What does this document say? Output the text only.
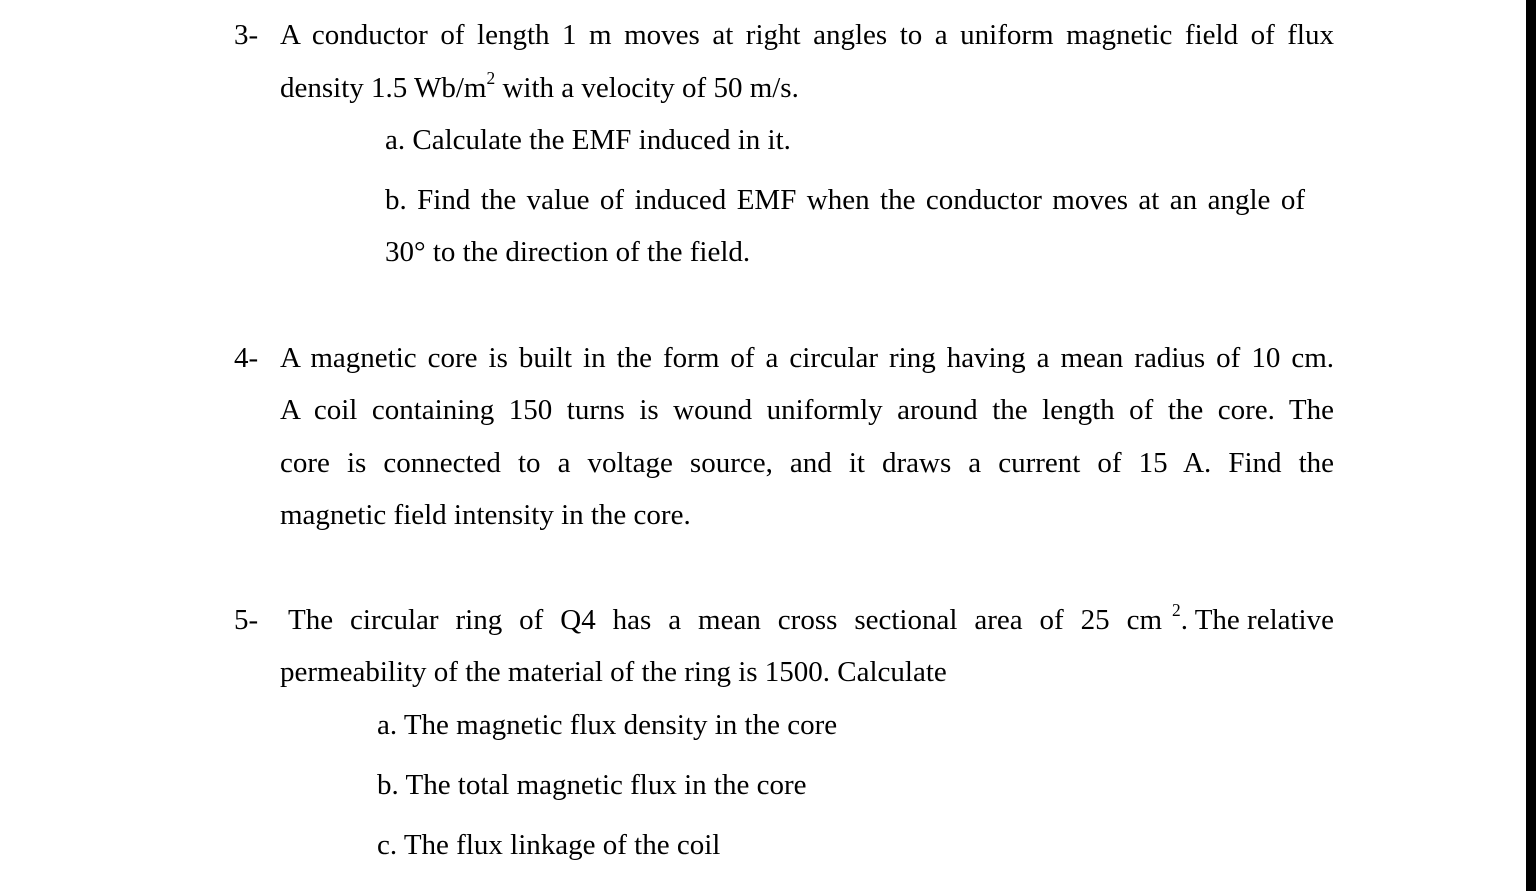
3- A conductor of length 1 m moves at right angles to a uniform magnetic field of flux
density 1.5 $Wb/m^2$ with a velocity of 50 m/s.
a. Calculate the EMF induced in it.
b. Find the value of induced EMF when the conductor moves at an angle of
30° to the direction of the field.
4- A magnetic core is built in the form of a circular ring having a mean radius of 10 cm.
A coil containing 150 turns is wound uniformly around the length of the core. The
core is connected to a voltage source, and it draws a current of 15 A. Find the
magnetic field intensity in the core.
5- The circular ring of Q4 has a mean cross sectional area of 25 cm $^2$. The relative
permeability of the material of the ring is 1500. Calculate
a. The magnetic flux density in the core
b. The total magnetic flux in the core
c. The flux linkage of the coil
